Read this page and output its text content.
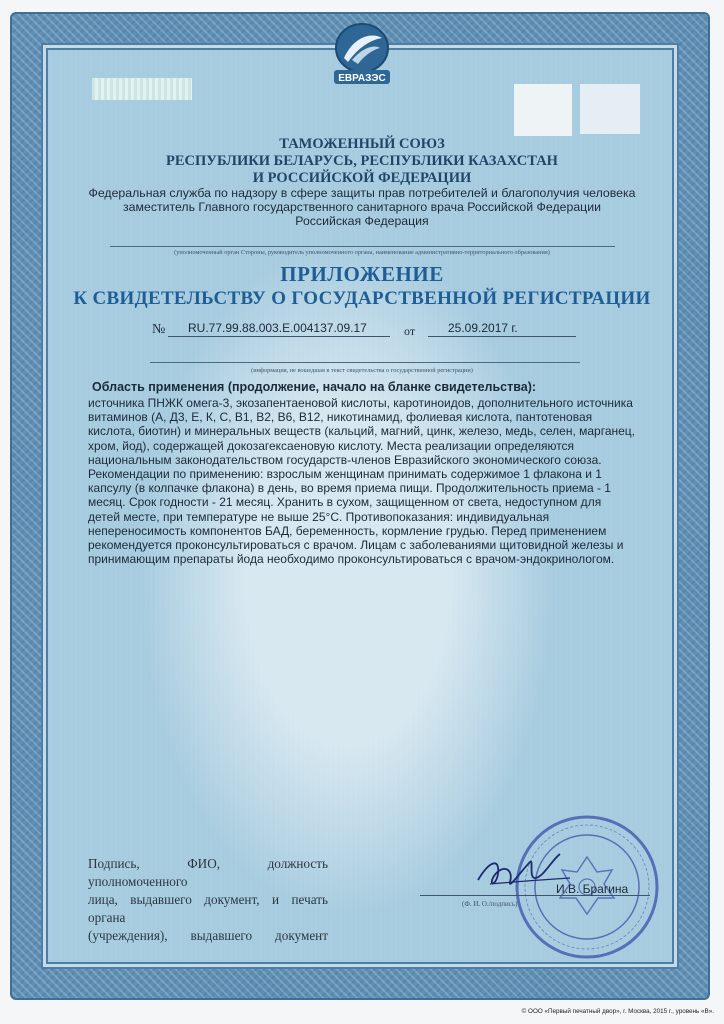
ЕВРАЗЭС
ТАМОЖЕННЫЙ СОЮЗ
РЕСПУБЛИКИ БЕЛАРУСЬ, РЕСПУБЛИКИ КАЗАХСТАН
И РОССИЙСКОЙ ФЕДЕРАЦИИ
Федеральная служба по надзору в сфере защиты прав потребителей и благополучия человека
заместитель Главного государственного санитарного врача Российской Федерации
Российская Федерация
(уполномоченный орган Стороны, руководитель уполномоченного органа, наименование административно-территориального образования)
ПРИЛОЖЕНИЕ
К СВИДЕТЕЛЬСТВУ О ГОСУДАРСТВЕННОЙ РЕГИСТРАЦИИ
№ RU.77.99.88.003.Е.004137.09.17	от	25.09.2017 г.
(информация, не вошедшая в текст свидетельства о государственной регистрации)
Область применения (продолжение, начало на бланке свидетельства):

источника ПНЖК омега-3, экозапентаеновой кислоты, каротиноидов, дополнительного источника

витаминов (А, Д3, Е, К, С, В1, В2, В6, В12, никотинамид, фолиевая кислота, пантотеновая

кислота, биотин) и минеральных веществ (кальций, магний, цинк, железо, медь, селен, марганец,

хром, йод), содержащей докозагексаеновую кислоту. Места реализации определяются

национальным законодательством государств-членов Евразийского экономического союза.

Рекомендации по применению: взрослым женщинам принимать содержимое 1 флакона и 1

капсулу (в колпачке флакона) в день, во время приема пищи. Продолжительность приема - 1

месяц. Срок годности - 21 месяц. Хранить в сухом, защищенном от света, недоступном для

детей месте, при температуре не выше 25°С. Противопоказания: индивидуальная

непереносимость компонентов БАД, беременность, кормление грудью. Перед применением

рекомендуется проконсультироваться с врачом. Лицам с заболеваниями щитовидной железы и

принимающим препараты йода необходимо проконсультироваться с врачом-эндокринологом.

Подпись, ФИО, должность уполномоченного
лица, выдавшего документ, и печать органа
(учреждения), выдавшего документ
И.В. Брагина
(Ф. И. О./подпись)
© ООО «Первый печатный двор», г. Москва, 2015 г., уровень «В».
